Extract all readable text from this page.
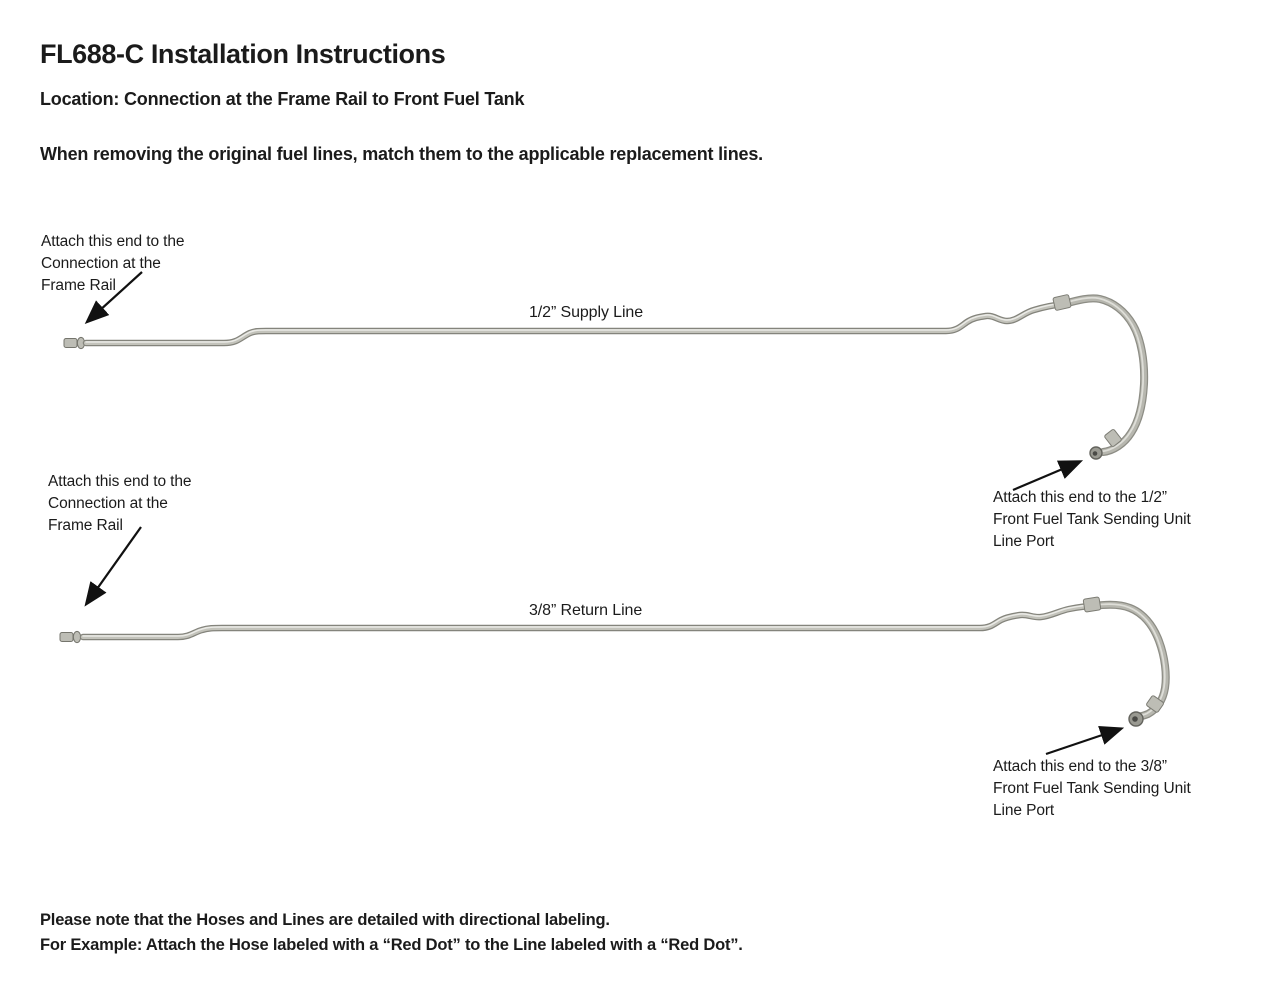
FL688-C Installation Instructions
Location: Connection at the Frame Rail to Front Fuel Tank
When removing the original fuel lines, match them to the applicable replacement lines.
Attach this end to the
Connection at the
Frame Rail
1/2” Supply Line
Attach this end to the 1/2”
Front Fuel Tank Sending Unit
Line Port
Attach this end to the
Connection at the
Frame Rail
3/8” Return Line
Attach this end to the 3/8”
Front Fuel Tank Sending Unit
Line Port
Please note that the Hoses and Lines are detailed with directional labeling.
For Example: Attach the Hose labeled with a “Red Dot” to the Line labeled with a “Red Dot”.
